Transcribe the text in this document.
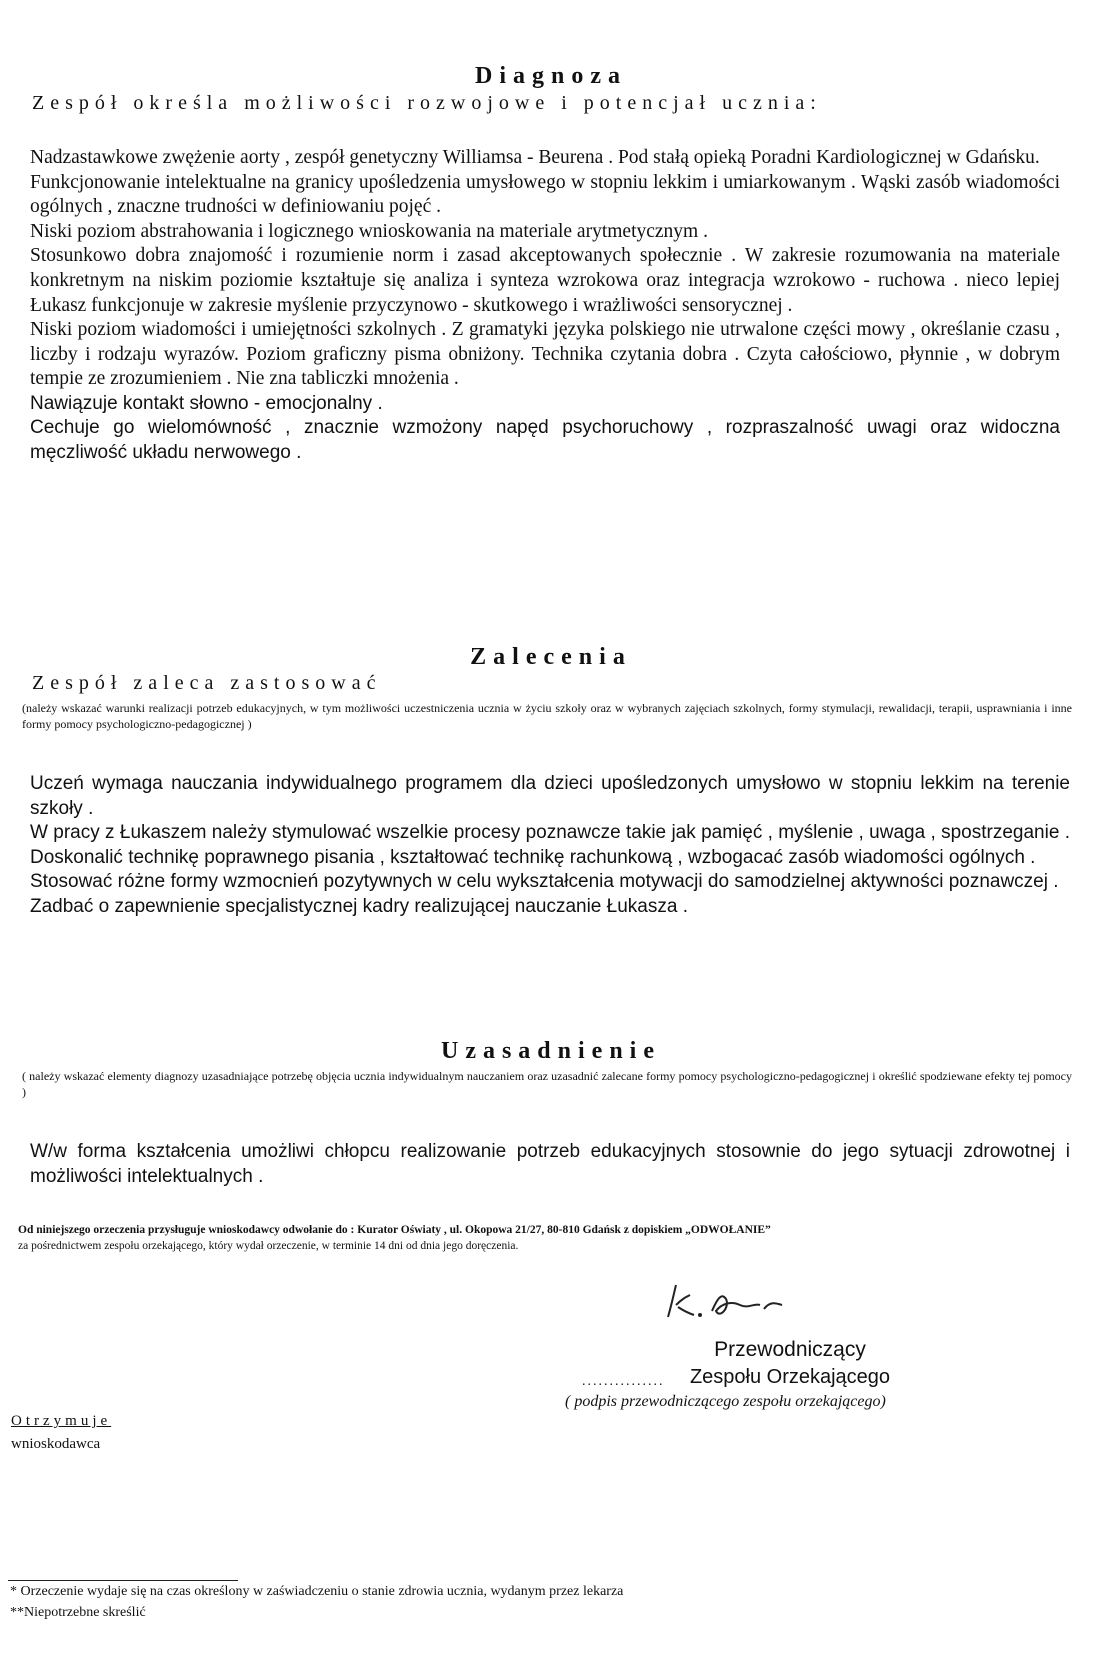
Diagnoza
Zespół określa możliwości rozwojowe i potencjał ucznia:

Nadzastawkowe zwężenie aorty , zespół genetyczny Williamsa - Beurena . Pod stałą opieką Poradni Kardiologicznej w Gdańsku.

Funkcjonowanie intelektualne na granicy upośledzenia umysłowego w stopniu lekkim i umiarkowanym . Wąski zasób wiadomości ogólnych , znaczne trudności w definiowaniu pojęć .

Niski poziom abstrahowania i logicznego wnioskowania na materiale arytmetycznym .

Stosunkowo dobra znajomość i rozumienie norm i zasad akceptowanych społecznie . W zakresie rozumowania na materiale konkretnym na niskim poziomie kształtuje się analiza i synteza wzrokowa oraz integracja wzrokowo - ruchowa . nieco lepiej Łukasz funkcjonuje w zakresie myślenie przyczynowo - skutkowego i wrażliwości sensorycznej .

Niski poziom wiadomości i umiejętności szkolnych . Z gramatyki języka polskiego nie utrwalone części mowy , określanie czasu , liczby i rodzaju wyrazów. Poziom graficzny pisma obniżony. Technika czytania dobra . Czyta całościowo, płynnie , w dobrym tempie ze zrozumieniem . Nie zna tabliczki mnożenia .

Nawiązuje kontakt słowno - emocjonalny .

Cechuje go wielomówność , znacznie wzmożony napęd psychoruchowy , rozpraszalność uwagi oraz widoczna męczliwość układu nerwowego .

Zalecenia
Zespół zaleca zastosować
(należy wskazać warunki realizacji potrzeb edukacyjnych, w tym możliwości uczestniczenia ucznia w życiu szkoły oraz w wybranych zajęciach szkolnych, formy stymulacji, rewalidacji, terapii, usprawniania i inne formy pomocy psychologiczno-pedagogicznej )

Uczeń wymaga nauczania indywidualnego programem dla dzieci upośledzonych umysłowo w stopniu lekkim na terenie szkoły .

W pracy z Łukaszem należy stymulować wszelkie procesy poznawcze takie jak pamięć , myślenie , uwaga , spostrzeganie . Doskonalić technikę poprawnego pisania , kształtować technikę rachunkową , wzbogacać zasób wiadomości ogólnych .

Stosować różne formy wzmocnień pozytywnych w celu wykształcenia motywacji do samodzielnej aktywności poznawczej .

Zadbać o zapewnienie specjalistycznej kadry realizującej nauczanie Łukasza .

Uzasadnienie
( należy wskazać elementy diagnozy uzasadniające potrzebę objęcia ucznia indywidualnym nauczaniem oraz uzasadnić zalecane formy pomocy psychologiczno-pedagogicznej i określić spodziewane efekty tej pomocy )
W/w forma kształcenia umożliwi chłopcu realizowanie potrzeb edukacyjnych stosownie do jego sytuacji zdrowotnej i możliwości intelektualnych .
Od niniejszego orzeczenia przysługuje wnioskodawcy odwołanie do : Kurator Oświaty , ul. Okopowa 21/27, 80-810 Gdańsk z dopiskiem „ODWOŁANIE”
za pośrednictwem zespołu orzekającego, który wydał orzeczenie, w terminie 14 dni od dnia jego doręczenia.
Przewodniczący
...............	Zespołu Orzekającego
( podpis przewodniczącego zespołu orzekającego)
Otrzymuje
wnioskodawca
* Orzeczenie wydaje się na czas określony w zaświadczeniu o stanie zdrowia ucznia, wydanym przez lekarza
**Niepotrzebne skreślić
